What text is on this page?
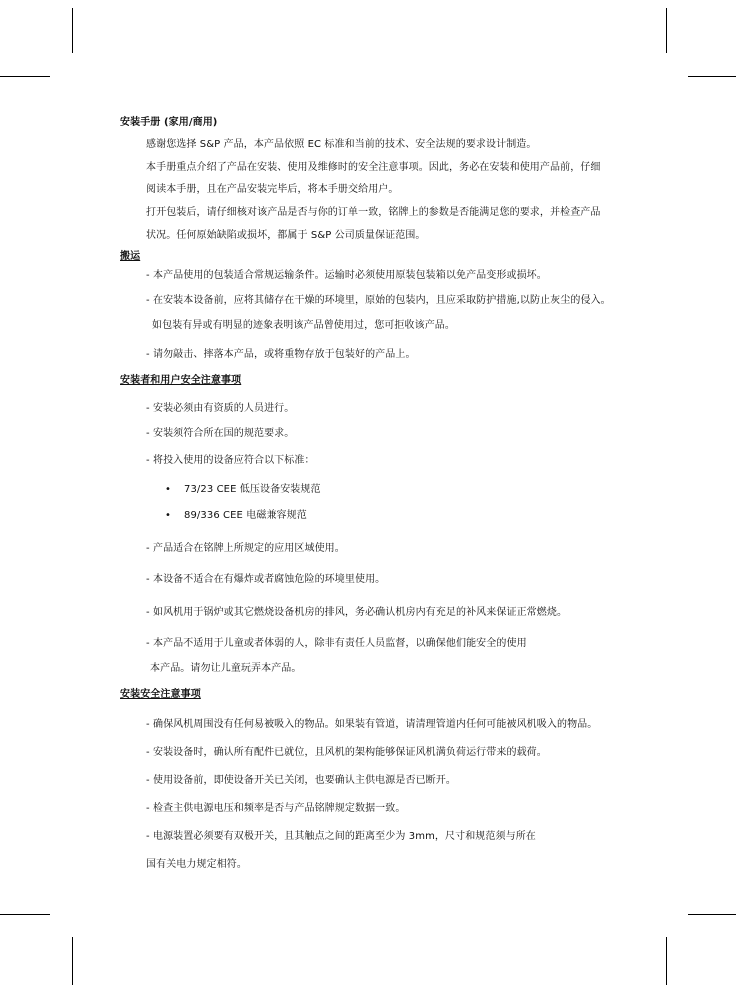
安装手册 (家用/商用)
感谢您选择 S&P 产品，本产品依照 EC 标准和当前的技术、安全法规的要求设计制造。
本手册重点介绍了产品在安装、使用及维修时的安全注意事项。因此，务必在安装和使用产品前，仔细
阅读本手册，且在产品安装完毕后，将本手册交给用户。
打开包装后，请仔细核对该产品是否与你的订单一致，铭牌上的参数是否能满足您的要求，并检查产品
状况。任何原始缺陷或损坏，都属于 S&P 公司质量保证范围。
搬运
- 本产品使用的包装适合常规运输条件。运输时必须使用原装包装箱以免产品变形或损坏。
- 在安装本设备前，应将其储存在干燥的环境里，原始的包装内，且应采取防护措施,以防止灰尘的侵入。
如包装有异或有明显的迹象表明该产品曾使用过，您可拒收该产品。
- 请勿敲击、摔落本产品，或将重物存放于包装好的产品上。
安装者和用户安全注意事项
- 安装必须由有资质的人员进行。
- 安装须符合所在国的规范要求。
- 将投入使用的设备应符合以下标准：
• 73/23 CEE 低压设备安装规范
• 89/336 CEE 电磁兼容规范
- 产品适合在铭牌上所规定的应用区域使用。
- 本设备不适合在有爆炸或者腐蚀危险的环境里使用。
- 如风机用于锅炉或其它燃烧设备机房的排风，务必确认机房内有充足的补风来保证正常燃烧。
- 本产品不适用于儿童或者体弱的人，除非有责任人员监督，以确保他们能安全的使用
本产品。请勿让儿童玩弄本产品。
安装安全注意事项
- 确保风机周围没有任何易被吸入的物品。如果装有管道，请清理管道内任何可能被风机吸入的物品。
- 安装设备时，确认所有配件已就位，且风机的架构能够保证风机满负荷运行带来的载荷。
- 使用设备前，即使设备开关已关闭，也要确认主供电源是否已断开。
- 检查主供电源电压和频率是否与产品铭牌规定数据一致。
- 电源装置必须要有双极开关，且其触点之间的距离至少为 3mm，尺寸和规范须与所在
国有关电力规定相符。
